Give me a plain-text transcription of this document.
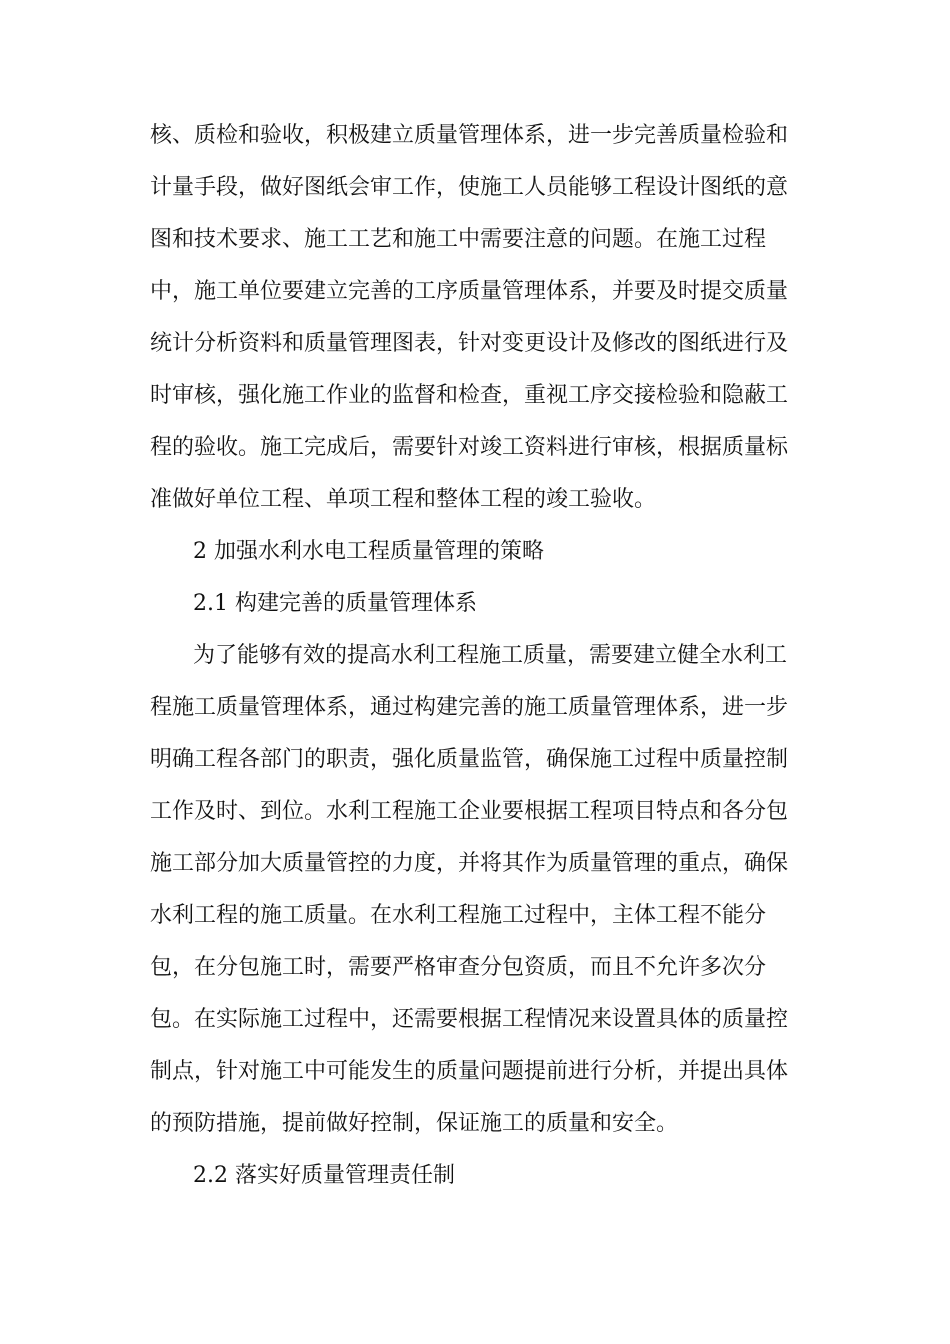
核、质检和验收，积极建立质量管理体系，进一步完善质量检验和
计量手段，做好图纸会审工作，使施工人员能够工程设计图纸的意
图和技术要求、施工工艺和施工中需要注意的问题。在施工过程
中，施工单位要建立完善的工序质量管理体系，并要及时提交质量
统计分析资料和质量管理图表，针对变更设计及修改的图纸进行及
时审核，强化施工作业的监督和检查，重视工序交接检验和隐蔽工
程的验收。施工完成后，需要针对竣工资料进行审核，根据质量标
准做好单位工程、单项工程和整体工程的竣工验收。
2 加强水利水电工程质量管理的策略
2.1 构建完善的质量管理体系
为了能够有效的提高水利工程施工质量，需要建立健全水利工
程施工质量管理体系，通过构建完善的施工质量管理体系，进一步
明确工程各部门的职责，强化质量监管，确保施工过程中质量控制
工作及时、到位。水利工程施工企业要根据工程项目特点和各分包
施工部分加大质量管控的力度，并将其作为质量管理的重点，确保
水利工程的施工质量。在水利工程施工过程中，主体工程不能分
包，在分包施工时，需要严格审查分包资质，而且不允许多次分
包。在实际施工过程中，还需要根据工程情况来设置具体的质量控
制点，针对施工中可能发生的质量问题提前进行分析，并提出具体
的预防措施，提前做好控制，保证施工的质量和安全。
2.2 落实好质量管理责任制
